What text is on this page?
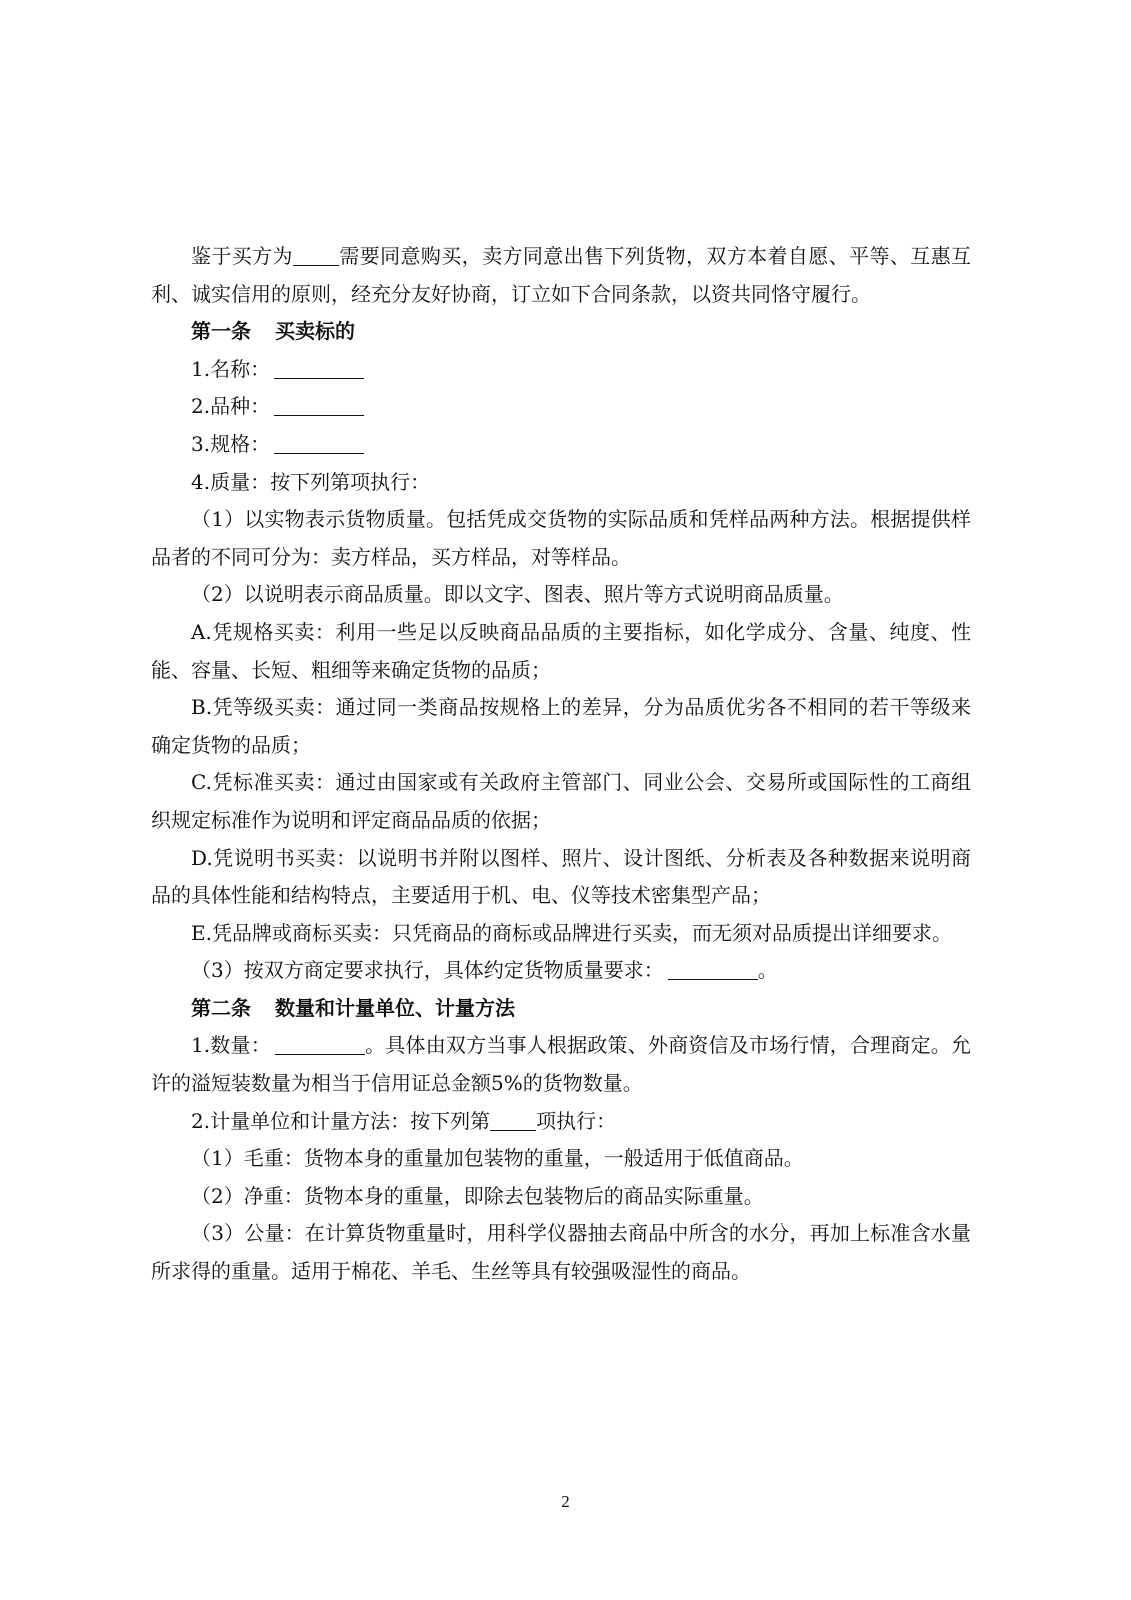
鉴于买方为 需要同意购买，卖方同意出售下列货物，双方本着自愿、平等、互惠互利、诚实信用的原则，经充分友好协商，订立如下合同条款，以资共同恪守履行。

第一条 买卖标的

1.名称：

2.品种：

3.规格：

4.质量：按下列第项执行：

（1）以实物表示货物质量。包括凭成交货物的实际品质和凭样品两种方法。根据提供样品者的不同可分为：卖方样品，买方样品，对等样品。

（2）以说明表示商品质量。即以文字、图表、照片等方式说明商品质量。

A.凭规格买卖：利用一些足以反映商品品质的主要指标，如化学成分、含量、纯度、性能、容量、长短、粗细等来确定货物的品质；

B.凭等级买卖：通过同一类商品按规格上的差异，分为品质优劣各不相同的若干等级来确定货物的品质；

C.凭标准买卖：通过由国家或有关政府主管部门、同业公会、交易所或国际性的工商组织规定标准作为说明和评定商品品质的依据；

D.凭说明书买卖：以说明书并附以图样、照片、设计图纸、分析表及各种数据来说明商品的具体性能和结构特点，主要适用于机、电、仪等技术密集型产品；

E.凭品牌或商标买卖：只凭商品的商标或品牌进行买卖，而无须对品质提出详细要求。

（3）按双方商定要求执行，具体约定货物质量要求：	。

第二条 数量和计量单位、计量方法

1.数量：	。具体由双方当事人根据政策、外商资信及市场行情，合理商定。允许的溢短装数量为相当于信用证总金额5%的货物数量。

2.计量单位和计量方法：按下列第 项执行：

（1）毛重：货物本身的重量加包装物的重量，一般适用于低值商品。

（2）净重：货物本身的重量，即除去包装物后的商品实际重量。

（3）公量：在计算货物重量时，用科学仪器抽去商品中所含的水分，再加上标准含水量所求得的重量。适用于棉花、羊毛、生丝等具有较强吸湿性的商品。

2
